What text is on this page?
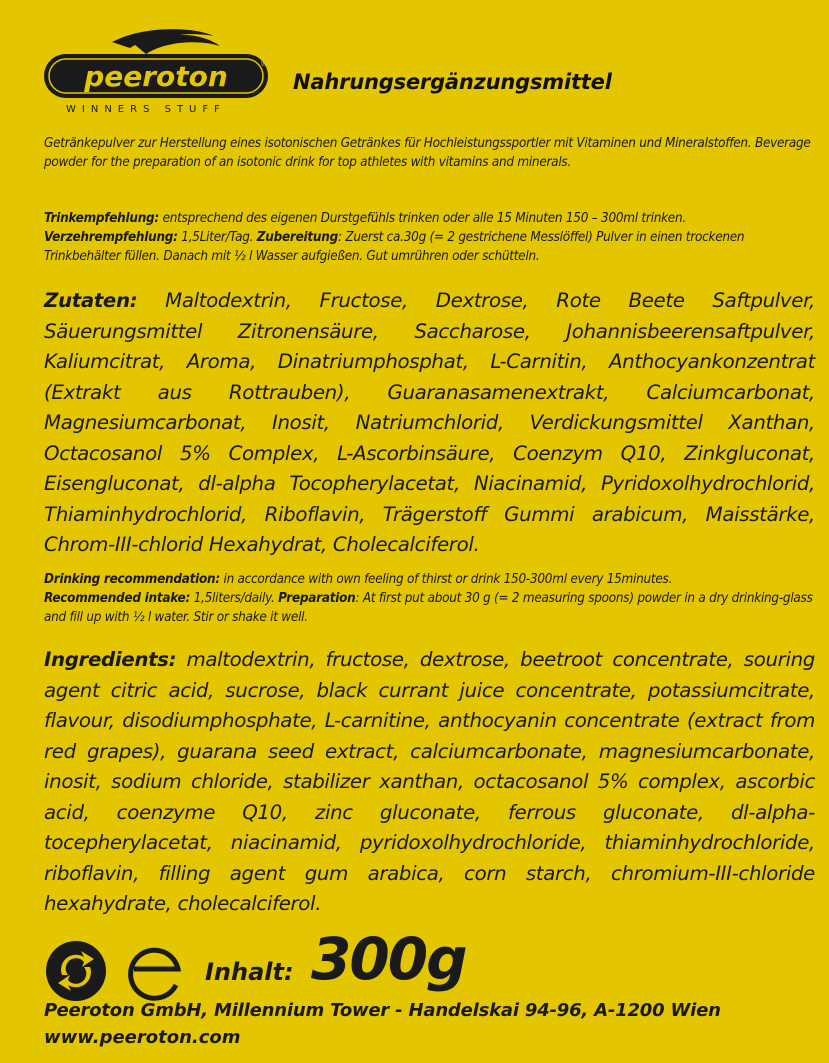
peeroton	®
WINNERS STUFF
Nahrungsergänzungsmittel

Getränkepulver zur Herstellung eines isotonischen Getränkes für Hochleistungssportler mit Vitaminen und Mineralstoffen. Beverage powder for the preparation of an isotonic drink for top athletes with vitamins and minerals.

Trinkempfehlung: entsprechend des eigenen Durstgefühls trinken oder alle 15 Minuten 150 – 300ml trinken. Verzehrempfehlung: 1,5Liter/Tag. Zubereitung: Zuerst ca.30g (= 2 gestrichene Messlöffel) Pulver in einen trockenen Trinkbehälter füllen. Danach mit ½ l Wasser aufgießen. Gut umrühren oder schütteln.

Zutaten: Maltodextrin, Fructose, Dextrose, Rote Beete Saftpulver, Säuerungsmittel Zitronensäure, Saccharose, Johannisbeerensaftpulver, Kaliumcitrat, Aroma, Dinatriumphosphat, L-Carnitin, Anthocyankonzentrat (Extrakt aus Rottrauben), Guaranasamenextrakt, Calciumcarbonat, Magnesiumcarbonat, Inosit, Natriumchlorid, Verdickungsmittel Xanthan, Octacosanol 5% Complex, L-Ascorbinsäure, Coenzym Q10, Zinkgluconat, Eisengluconat, dl-alpha Tocopherylacetat, Niacinamid, Pyridoxolhydrochlorid, Thiaminhydrochlorid, Riboflavin, Trägerstoff Gummi arabicum, Maisstärke, Chrom-III-chlorid Hexahydrat, Cholecalciferol.

Drinking recommendation: in accordance with own feeling of thirst or drink 150-300ml every 15minutes.
Recommended intake: 1,5liters/daily. Preparation: At first put about 30 g (= 2 measuring spoons) powder in a dry drinking-glass and fill up with ½ l water. Stir or shake it well.

Ingredients: maltodextrin, fructose, dextrose, beetroot concentrate, souring agent citric acid, sucrose, black currant juice concentrate, potassiumcitrate, flavour, disodiumphosphate, L-carnitine, anthocyanin concentrate (extract from red grapes), guarana seed extract, calciumcarbonate, magnesiumcarbonate, inosit, sodium chloride, stabilizer xanthan, octacosanol 5% complex, ascorbic acid, coenzyme Q10, zinc gluconate, ferrous gluconate, dl-alpha-tocepherylacetat, niacinamid, pyridoxolhydrochloride, thiaminhydrochloride, riboflavin, filling agent gum arabica, corn starch, chromium-III-chloride hexahydrate, cholecalciferol.

Inhalt: 300g
Peeroton GmbH, Millennium Tower - Handelskai 94-96, A-1200 Wien
www.peeroton.com
